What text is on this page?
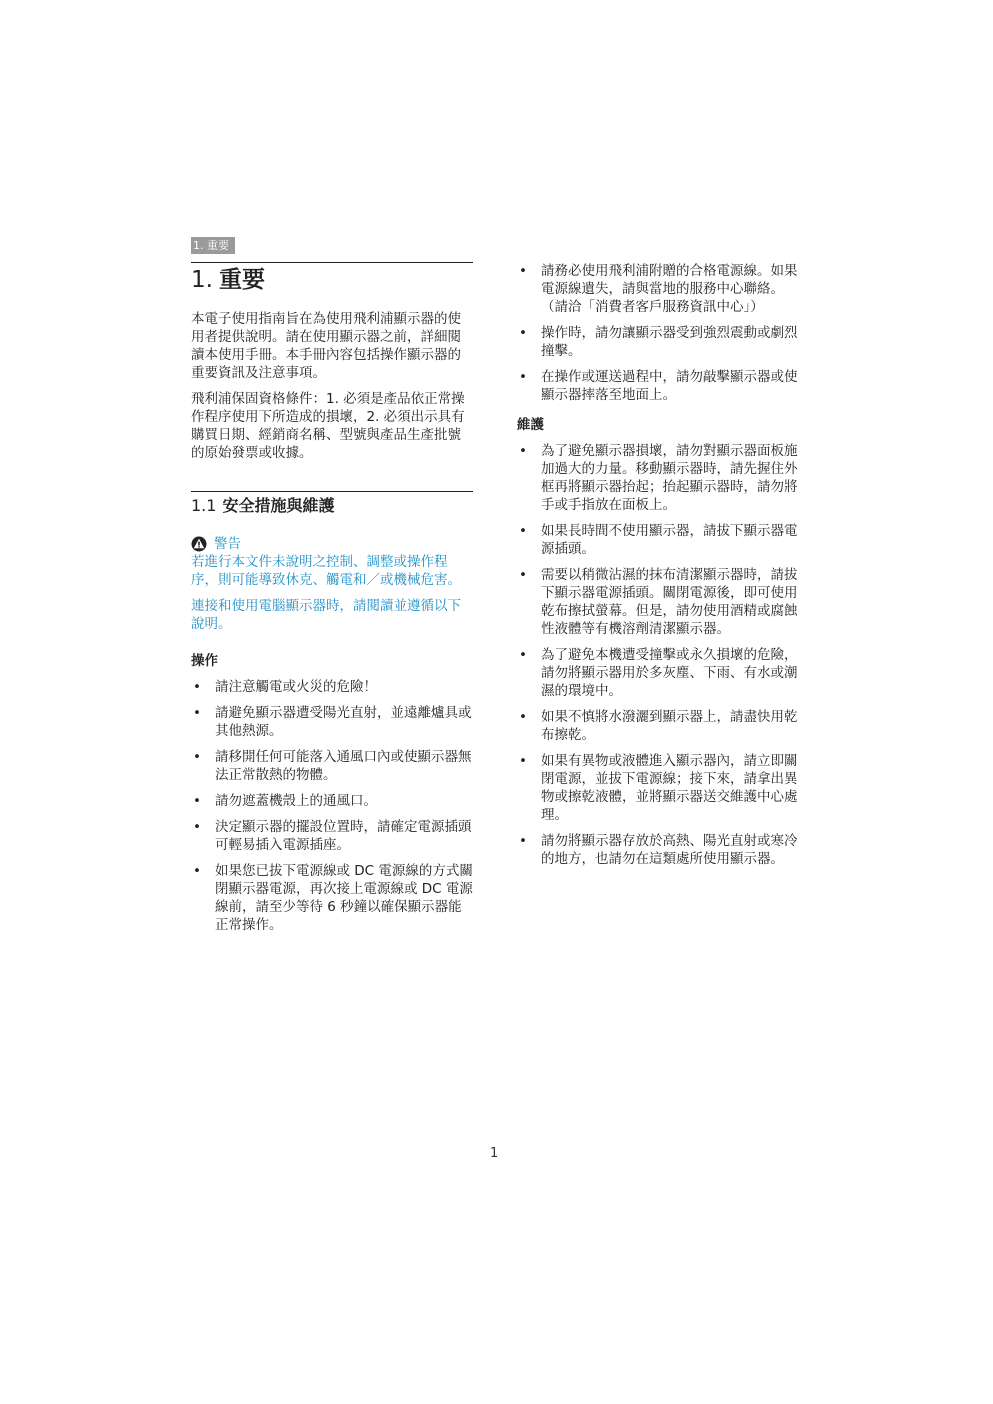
1. 重要
1. 重要

本電子使用指南旨在為使用飛利浦顯示器的使用者提供說明。請在使用顯示器之前，詳細閱讀本使用手冊。本手冊內容包括操作顯示器的重要資訊及注意事項。

飛利浦保固資格條件：1. 必須是產品依正常操作程序使用下所造成的損壞，2. 必須出示具有購買日期、經銷商名稱、型號與產品生產批號的原始發票或收據。

1.1 安全措施與維護
警告

若進行本文件未說明之控制、調整或操作程序，則可能導致休克、觸電和／或機械危害。

連接和使用電腦顯示器時，請閱讀並遵循以下說明。

操作
• 請注意觸電或火災的危險！
• 請避免顯示器遭受陽光直射，並遠離爐具或其他熱源。
• 請移開任何可能落入通風口內或使顯示器無法正常散熱的物體。
• 請勿遮蓋機殼上的通風口。
• 決定顯示器的擺設位置時，請確定電源插頭可輕易插入電源插座。
• 如果您已拔下電源線或 DC 電源線的方式關閉顯示器電源，再次接上電源線或 DC 電源線前，請至少等待 6 秒鐘以確保顯示器能正常操作。
• 請務必使用飛利浦附贈的合格電源線。如果電源線遺失，請與當地的服務中心聯絡。（請洽「消費者客戶服務資訊中心」）
• 操作時，請勿讓顯示器受到強烈震動或劇烈撞擊。
• 在操作或運送過程中，請勿敲擊顯示器或使顯示器摔落至地面上。
維護
• 為了避免顯示器損壞，請勿對顯示器面板施加過大的力量。移動顯示器時，請先握住外框再將顯示器抬起；抬起顯示器時，請勿將手或手指放在面板上。
• 如果長時間不使用顯示器，請拔下顯示器電源插頭。
• 需要以稍微沾濕的抹布清潔顯示器時，請拔下顯示器電源插頭。關閉電源後，即可使用乾布擦拭螢幕。但是，請勿使用酒精或腐蝕性液體等有機溶劑清潔顯示器。
• 為了避免本機遭受撞擊或永久損壞的危險，請勿將顯示器用於多灰塵、下雨、有水或潮濕的環境中。
• 如果不慎將水潑灑到顯示器上，請盡快用乾布擦乾。
• 如果有異物或液體進入顯示器內，請立即關閉電源，並拔下電源線；接下來，請拿出異物或擦乾液體，並將顯示器送交維護中心處理。
• 請勿將顯示器存放於高熱、陽光直射或寒冷的地方，也請勿在這類處所使用顯示器。
1
